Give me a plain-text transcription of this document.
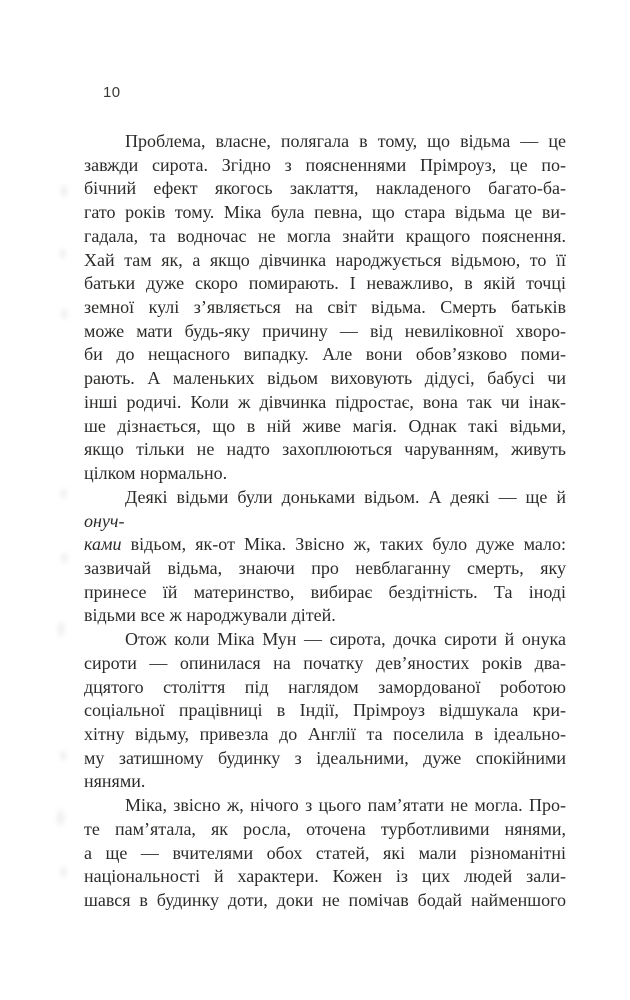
10
Проблема, власне, полягала в тому, що відьма — це
завжди сирота. Згідно з поясненнями Прімроуз, це по-
бічний ефект якогось заклаття, накладеного багато-ба-
гато років тому. Міка була певна, що стара відьма це ви-
гадала, та водночас не могла знайти кращого пояснення.
Хай там як, а якщо дівчинка народжується відьмою, то її
батьки дуже скоро помирають. І неважливо, в якій точці
земної кулі з’являється на світ відьма. Смерть батьків
може мати будь-яку причину — від невиліковної хворо-
би до нещасного випадку. Але вони обов’язково поми-
рають. А маленьких відьом виховують дідусі, бабусі чи
інші родичі. Коли ж дівчинка підростає, вона так чи інак-
ше дізнається, що в ній живе магія. Однак такі відьми,
якщо тільки не надто захоплюються чаруванням, живуть
цілком нормально.
Деякі відьми були доньками відьом. А деякі — ще й онуч-
ками відьом, як-от Міка. Звісно ж, таких було дуже мало:
зазвичай відьма, знаючи про невблаганну смерть, яку
принесе їй материнство, вибирає бездітність. Та іноді
відьми все ж народжували дітей.
Отож коли Міка Мун — сирота, дочка сироти й онука
сироти — опинилася на початку дев’яностих років два-
дцятого століття під наглядом замордованої роботою
соціальної працівниці в Індії, Прімроуз відшукала кри-
хітну відьму, привезла до Англії та поселила в ідеально-
му затишному будинку з ідеальними, дуже спокійними
нянями.
Міка, звісно ж, нічого з цього пам’ятати не могла. Про-
те пам’ятала, як росла, оточена турботливими нянями,
а ще — вчителями обох статей, які мали різноманітні
національності й характери. Кожен із цих людей зали-
шався в будинку доти, доки не помічав бодай найменшого
